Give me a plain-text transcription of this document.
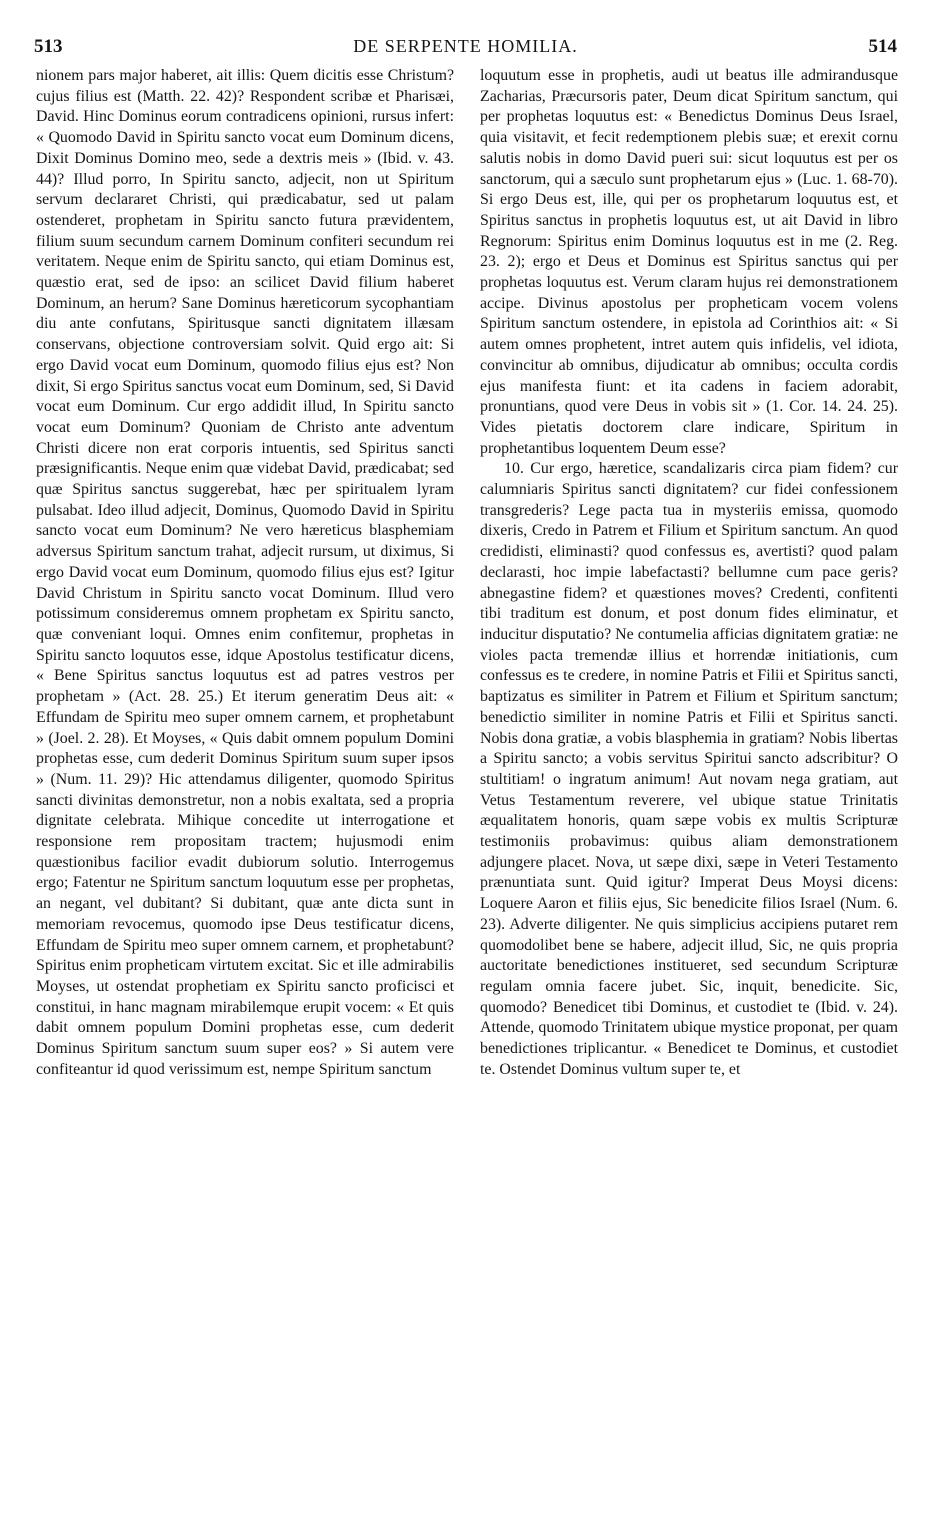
513	DE SERPENTE HOMILIA.	514

nionem pars major haberet, ait illis: Quem dicitis esse Christum? cujus filius est (Matth. 22. 42)? Respondent scribæ et Pharisæi, David. Hinc Dominus eorum contradicens opinioni, rursus infert: « Quomodo David in Spiritu sancto vocat eum Dominum dicens, Dixit Dominus Domino meo, sede a dextris meis » (Ibid. v. 43. 44)? Illud porro, In Spiritu sancto, adjecit, non ut Spiritum servum declararet Christi, qui prædicabatur, sed ut palam ostenderet, prophetam in Spiritu sancto futura prævidentem, filium suum secundum carnem Dominum confiteri secundum rei veritatem. Neque enim de Spiritu sancto, qui etiam Dominus est, quæstio erat, sed de ipso: an scilicet David filium haberet Dominum, an herum? Sane Dominus hæreticorum sycophantiam diu ante confutans, Spiritusque sancti dignitatem illæsam conservans, objectione controversiam solvit. Quid ergo ait: Si ergo David vocat eum Dominum, quomodo filius ejus est? Non dixit, Si ergo Spiritus sanctus vocat eum Dominum, sed, Si David vocat eum Dominum. Cur ergo addidit illud, In Spiritu sancto vocat eum Dominum? Quoniam de Christo ante adventum Christi dicere non erat corporis intuentis, sed Spiritus sancti præsignificantis. Neque enim quæ videbat David, prædicabat; sed quæ Spiritus sanctus suggerebat, hæc per spiritualem lyram pulsabat. Ideo illud adjecit, Dominus, Quomodo David in Spiritu sancto vocat eum Dominum? Ne vero hæreticus blasphemiam adversus Spiritum sanctum trahat, adjecit rursum, ut diximus, Si ergo David vocat eum Dominum, quomodo filius ejus est? Igitur David Christum in Spiritu sancto vocat Dominum. Illud vero potissimum consideremus omnem prophetam ex Spiritu sancto, quæ conveniant loqui. Omnes enim confitemur, prophetas in Spiritu sancto loquutos esse, idque Apostolus testificatur dicens, « Bene Spiritus sanctus loquutus est ad patres vestros per prophetam » (Act. 28. 25.) Et iterum generatim Deus ait: « Effundam de Spiritu meo super omnem carnem, et prophetabunt » (Joel. 2. 28). Et Moyses, « Quis dabit omnem populum Domini prophetas esse, cum dederit Dominus Spiritum suum super ipsos » (Num. 11. 29)? Hic attendamus diligenter, quomodo Spiritus sancti divinitas demonstretur, non a nobis exaltata, sed a propria dignitate celebrata. Mihique concedite ut interrogatione et responsione rem propositam tractem; hujusmodi enim quæstionibus facilior evadit dubiorum solutio. Interrogemus ergo; Fatentur ne Spiritum sanctum loquutum esse per prophetas, an negant, vel dubitant? Si dubitant, quæ ante dicta sunt in memoriam revocemus, quomodo ipse Deus testificatur dicens, Effundam de Spiritu meo super omnem carnem, et prophetabunt? Spiritus enim propheticam virtutem excitat. Sic et ille admirabilis Moyses, ut ostendat prophetiam ex Spiritu sancto proficisci et constitui, in hanc magnam mirabilemque erupit vocem: « Et quis dabit omnem populum Domini prophetas esse, cum dederit Dominus Spiritum sanctum suum super eos? » Si autem vere confiteantur id quod verissimum est, nempe Spiritum sanctum

loquutum esse in prophetis, audi ut beatus ille admirandusque Zacharias, Præcursoris pater, Deum dicat Spiritum sanctum, qui per prophetas loquutus est: « Benedictus Dominus Deus Israel, quia visitavit, et fecit redemptionem plebis suæ; et erexit cornu salutis nobis in domo David pueri sui: sicut loquutus est per os sanctorum, qui a sæculo sunt prophetarum ejus » (Luc. 1. 68-70). Si ergo Deus est, ille, qui per os prophetarum loquutus est, et Spiritus sanctus in prophetis loquutus est, ut ait David in libro Regnorum: Spiritus enim Dominus loquutus est in me (2. Reg. 23. 2); ergo et Deus et Dominus est Spiritus sanctus qui per prophetas loquutus est. Verum claram hujus rei demonstrationem accipe. Divinus apostolus per propheticam vocem volens Spiritum sanctum ostendere, in epistola ad Corinthios ait: « Si autem omnes prophetent, intret autem quis infidelis, vel idiota, convincitur ab omnibus, dijudicatur ab omnibus; occulta cordis ejus manifesta fiunt: et ita cadens in faciem adorabit, pronuntians, quod vere Deus in vobis sit » (1. Cor. 14. 24. 25). Vides pietatis doctorem clare indicare, Spiritum in prophetantibus loquentem Deum esse?

10. Cur ergo, hæretice, scandalizaris circa piam fidem? cur calumniaris Spiritus sancti dignitatem? cur fidei confessionem transgrederis? Lege pacta tua in mysteriis emissa, quomodo dixeris, Credo in Patrem et Filium et Spiritum sanctum. An quod credidisti, eliminasti? quod confessus es, avertisti? quod palam declarasti, hoc impie labefactasti? bellumne cum pace geris? abnegastine fidem? et quæstiones moves? Credenti, confitenti tibi traditum est donum, et post donum fides eliminatur, et inducitur disputatio? Ne contumelia afficias dignitatem gratiæ: ne violes pacta tremendæ illius et horrendæ initiationis, cum confessus es te credere, in nomine Patris et Filii et Spiritus sancti, baptizatus es similiter in Patrem et Filium et Spiritum sanctum; benedictio similiter in nomine Patris et Filii et Spiritus sancti. Nobis dona gratiæ, a vobis blasphemia in gratiam? Nobis libertas a Spiritu sancto; a vobis servitus Spiritui sancto adscribitur? O stultitiam! o ingratum animum! Aut novam nega gratiam, aut Vetus Testamentum reverere, vel ubique statue Trinitatis æqualitatem honoris, quam sæpe vobis ex multis Scripturæ testimoniis probavimus: quibus aliam demonstrationem adjungere placet. Nova, ut sæpe dixi, sæpe in Veteri Testamento prænuntiata sunt. Quid igitur? Imperat Deus Moysi dicens: Loquere Aaron et filiis ejus, Sic benedicite filios Israel (Num. 6. 23). Adverte diligenter. Ne quis simplicius accipiens putaret rem quomodolibet bene se habere, adjecit illud, Sic, ne quis propria auctoritate benedictiones institueret, sed secundum Scripturæ regulam omnia facere jubet. Sic, inquit, benedicite. Sic, quomodo? Benedicet tibi Dominus, et custodiet te (Ibid. v. 24). Attende, quomodo Trinitatem ubique mystice proponat, per quam benedictiones triplicantur. « Benedicet te Dominus, et custodiet te. Ostendet Dominus vultum super te, et
